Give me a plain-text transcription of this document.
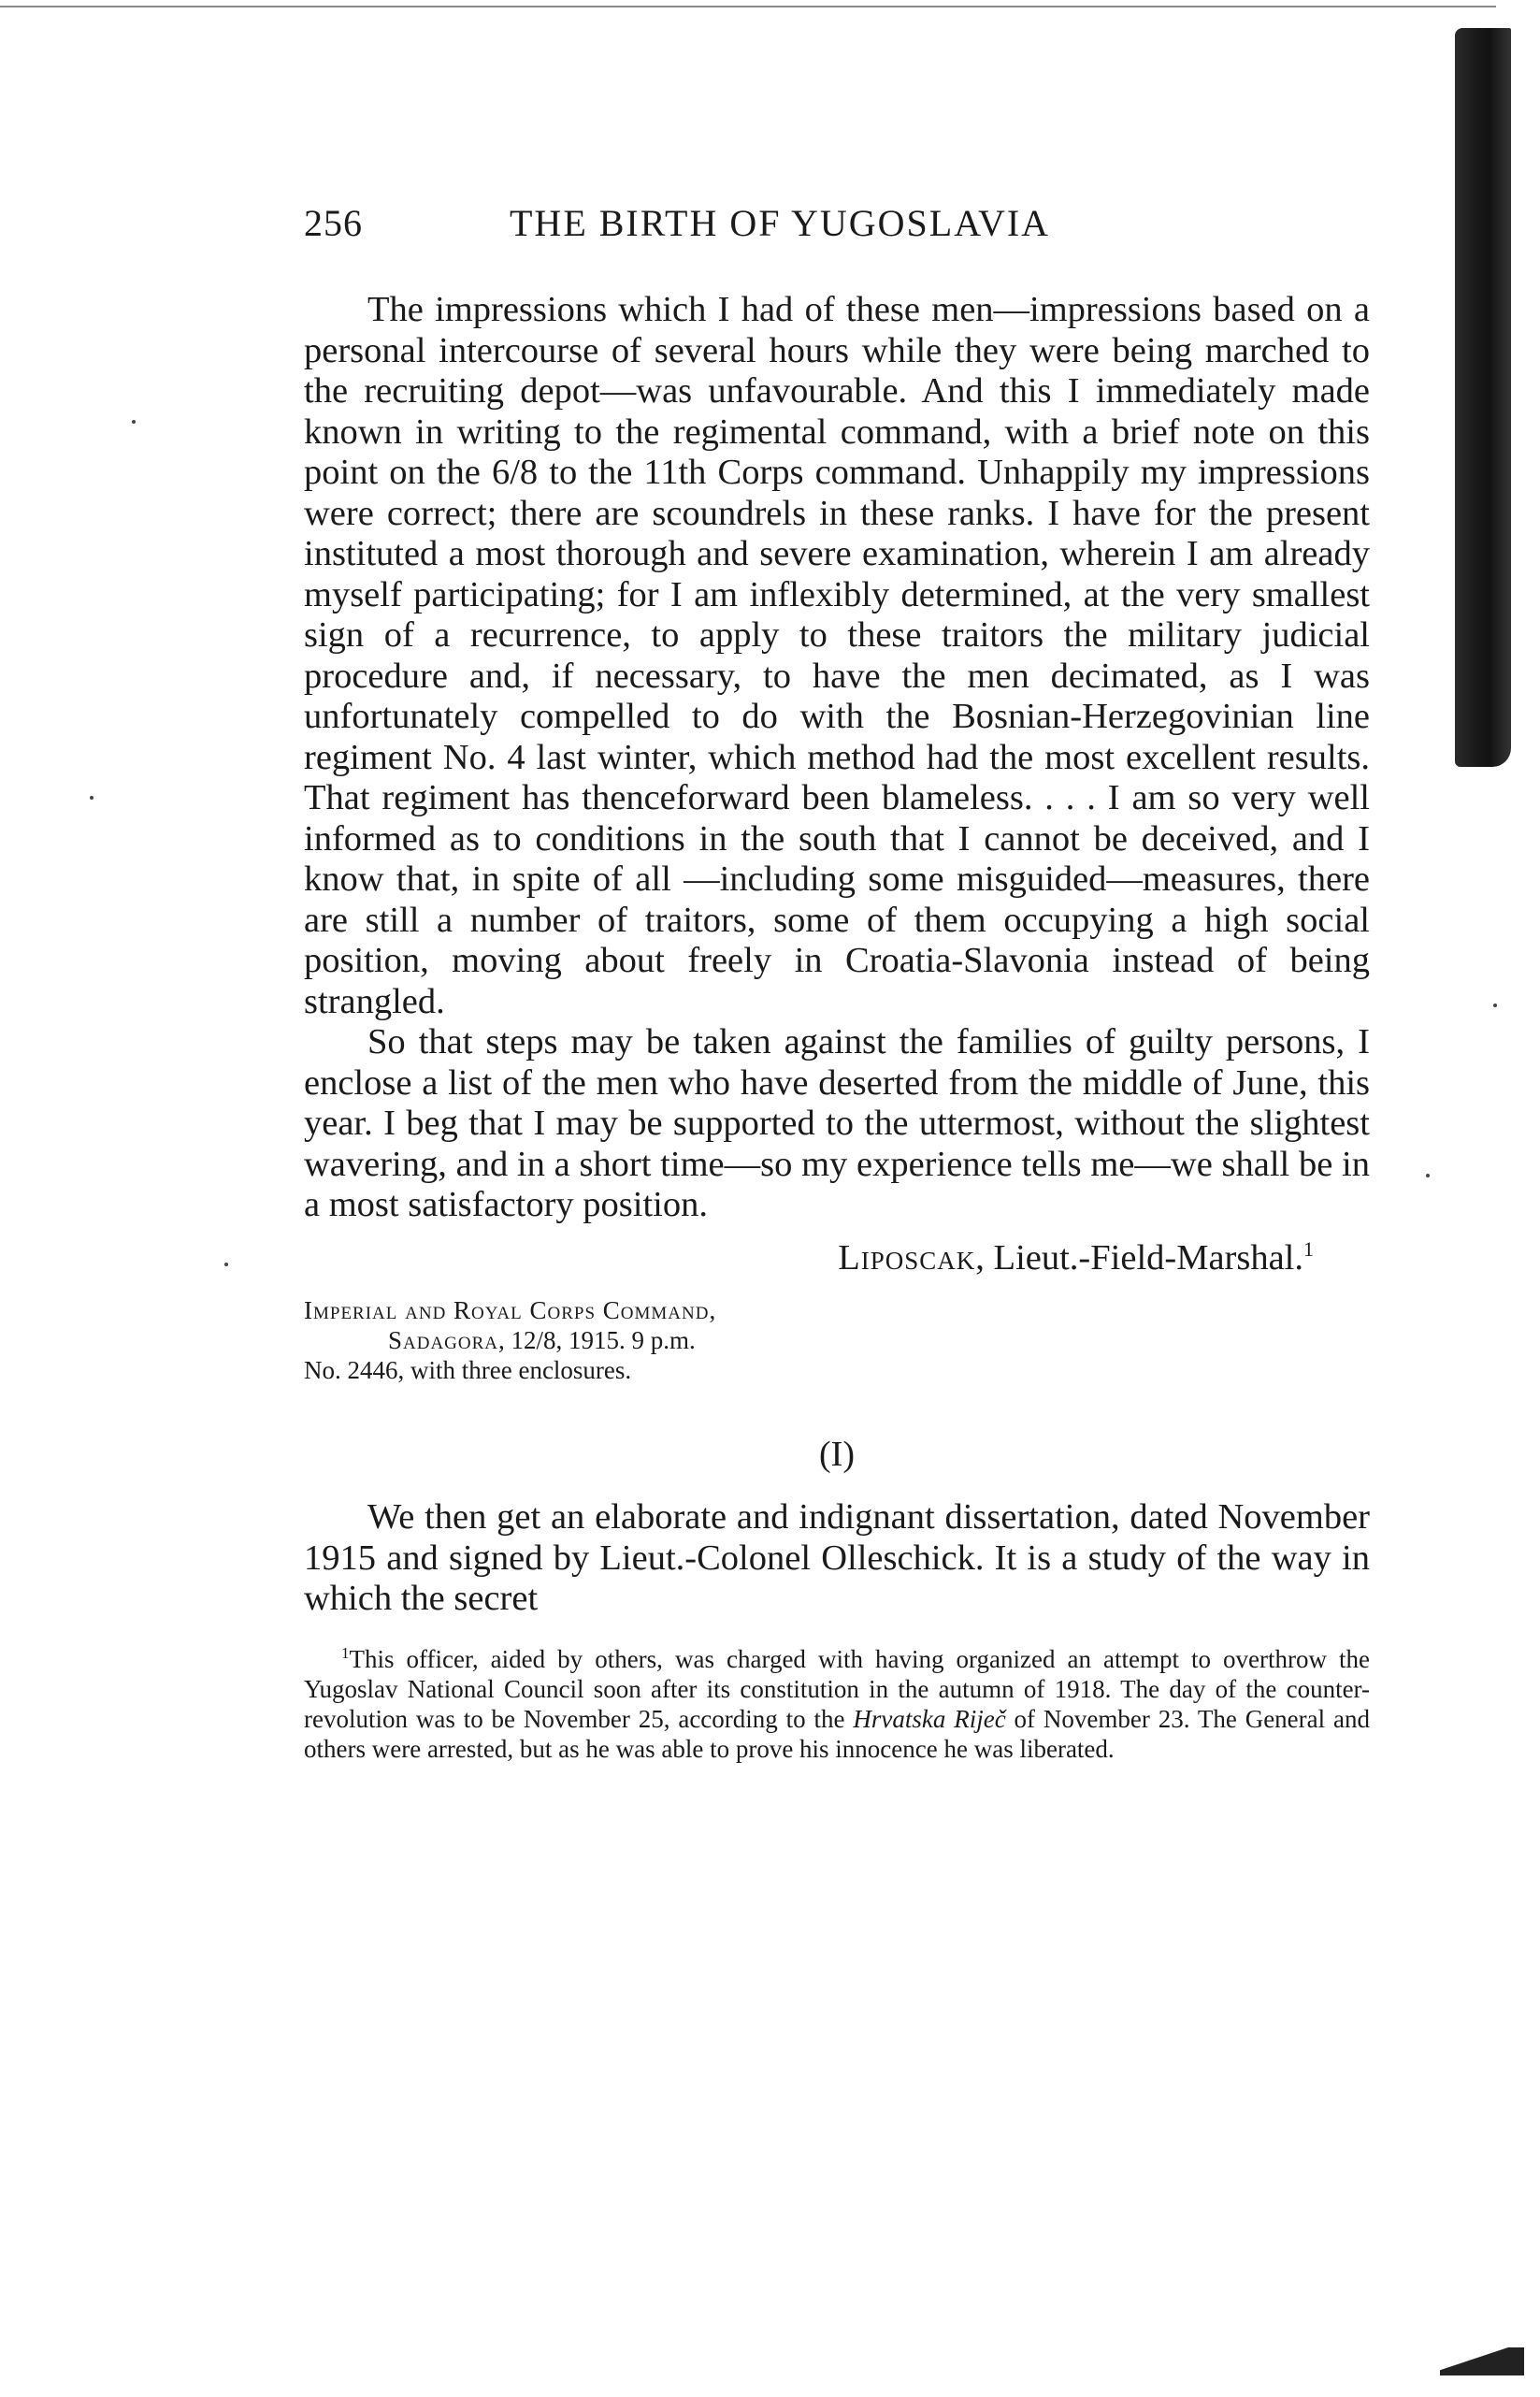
256	THE BIRTH OF YUGOSLAVIA

The impressions which I had of these men—impressions based on a personal intercourse of several hours while they were being marched to the recruiting depot—was unfavourable. And this I immediately made known in writing to the regimental command, with a brief note on this point on the 6/8 to the 11th Corps command. Unhappily my impressions were correct; there are scoundrels in these ranks. I have for the present instituted a most thorough and severe examination, wherein I am already myself participating; for I am inflexibly determined, at the very smallest sign of a recurrence, to apply to these traitors the military judicial procedure and, if necessary, to have the men decimated, as I was unfortunately compelled to do with the Bosnian-Herzegovinian line regiment No. 4 last winter, which method had the most excellent results. That regiment has thenceforward been blameless. . . . I am so very well informed as to conditions in the south that I cannot be deceived, and I know that, in spite of all —including some misguided—measures, there are still a number of traitors, some of them occupying a high social position, moving about freely in Croatia-Slavonia instead of being strangled.

So that steps may be taken against the families of guilty persons, I enclose a list of the men who have deserted from the middle of June, this year. I beg that I may be supported to the uttermost, without the slightest wavering, and in a short time—so my experience tells me—we shall be in a most satisfactory position.

Liposcak, Lieut.-Field-Marshal.$^1$
Imperial and Royal Corps Command,
Sadagora, 12/8, 1915. 9 p.m.
No. 2446, with three enclosures.
(I)

We then get an elaborate and indignant dissertation, dated November 1915 and signed by Lieut.-Colonel Olleschick. It is a study of the way in which the secret

$^1$This officer, aided by others, was charged with having organized an attempt to overthrow the Yugoslav National Council soon after its constitution in the autumn of 1918. The day of the counter-revolution was to be November 25, according to the Hrvatska Riječ of November 23. The General and others were arrested, but as he was able to prove his innocence he was liberated.
